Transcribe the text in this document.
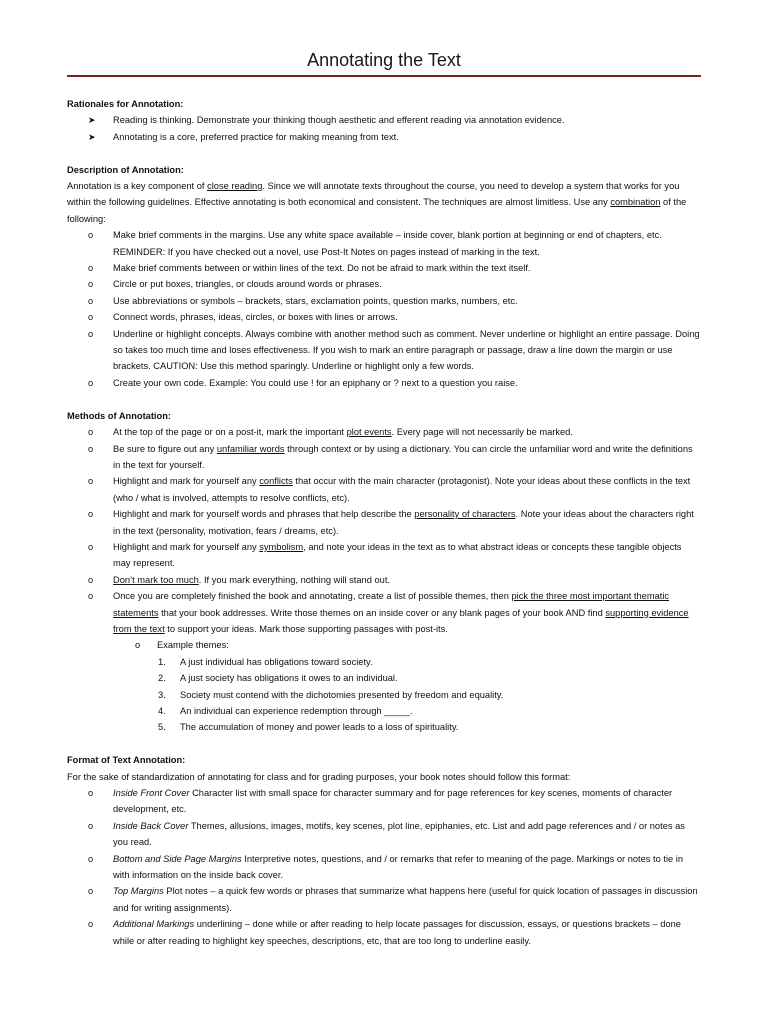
Annotating the Text
Rationales for Annotation:
➤ Reading is thinking. Demonstrate your thinking though aesthetic and efferent reading via annotation evidence.
➤ Annotating is a core, preferred practice for making meaning from text.
Description of Annotation:
Annotation is a key component of close reading. Since we will annotate texts throughout the course, you need to develop a system that works for you within the following guidelines. Effective annotating is both economical and consistent. The techniques are almost limitless. Use any combination of the following:
o Make brief comments in the margins. Use any white space available – inside cover, blank portion at beginning or end of chapters, etc. REMINDER: If you have checked out a novel, use Post-It Notes on pages instead of marking in the text.
o Make brief comments between or within lines of the text. Do not be afraid to mark within the text itself.
o Circle or put boxes, triangles, or clouds around words or phrases.
o Use abbreviations or symbols – brackets, stars, exclamation points, question marks, numbers, etc.
o Connect words, phrases, ideas, circles, or boxes with lines or arrows.
o Underline or highlight concepts. Always combine with another method such as comment. Never underline or highlight an entire passage. Doing so takes too much time and loses effectiveness. If you wish to mark an entire paragraph or passage, draw a line down the margin or use brackets. CAUTION: Use this method sparingly. Underline or highlight only a few words.
o Create your own code. Example: You could use ! for an epiphany or ? next to a question you raise.
Methods of Annotation:
o At the top of the page or on a post-it, mark the important plot events. Every page will not necessarily be marked.
o Be sure to figure out any unfamiliar words through context or by using a dictionary. You can circle the unfamiliar word and write the definitions in the text for yourself.
o Highlight and mark for yourself any conflicts that occur with the main character (protagonist). Note your ideas about these conflicts in the text (who / what is involved, attempts to resolve conflicts, etc).
o Highlight and mark for yourself words and phrases that help describe the personality of characters. Note your ideas about the characters right in the text (personality, motivation, fears / dreams, etc).
o Highlight and mark for yourself any symbolism, and note your ideas in the text as to what abstract ideas or concepts these tangible objects may represent.
o Don’t mark too much. If you mark everything, nothing will stand out.
o Once you are completely finished the book and annotating, create a list of possible themes, then pick the three most important thematic statements that your book addresses. Write those themes on an inside cover or any blank pages of your book AND find supporting evidence from the text to support your ideas. Mark those supporting passages with post-its.
o Example themes:
1. A just individual has obligations toward society.
2. A just society has obligations it owes to an individual.
3. Society must contend with the dichotomies presented by freedom and equality.
4. An individual can experience redemption through _____.
5. The accumulation of money and power leads to a loss of spirituality.
Format of Text Annotation:
For the sake of standardization of annotating for class and for grading purposes, your book notes should follow this format:
o Inside Front Cover Character list with small space for character summary and for page references for key scenes, moments of character development, etc.
o Inside Back Cover Themes, allusions, images, motifs, key scenes, plot line, epiphanies, etc. List and add page references and / or notes as you read.
o Bottom and Side Page Margins Interpretive notes, questions, and / or remarks that refer to meaning of the page. Markings or notes to tie in with information on the inside back cover.
o Top Margins Plot notes – a quick few words or phrases that summarize what happens here (useful for quick location of passages in discussion and for writing assignments).
o Additional Markings underlining – done while or after reading to help locate passages for discussion, essays, or questions brackets – done while or after reading to highlight key speeches, descriptions, etc, that are too long to underline easily.
